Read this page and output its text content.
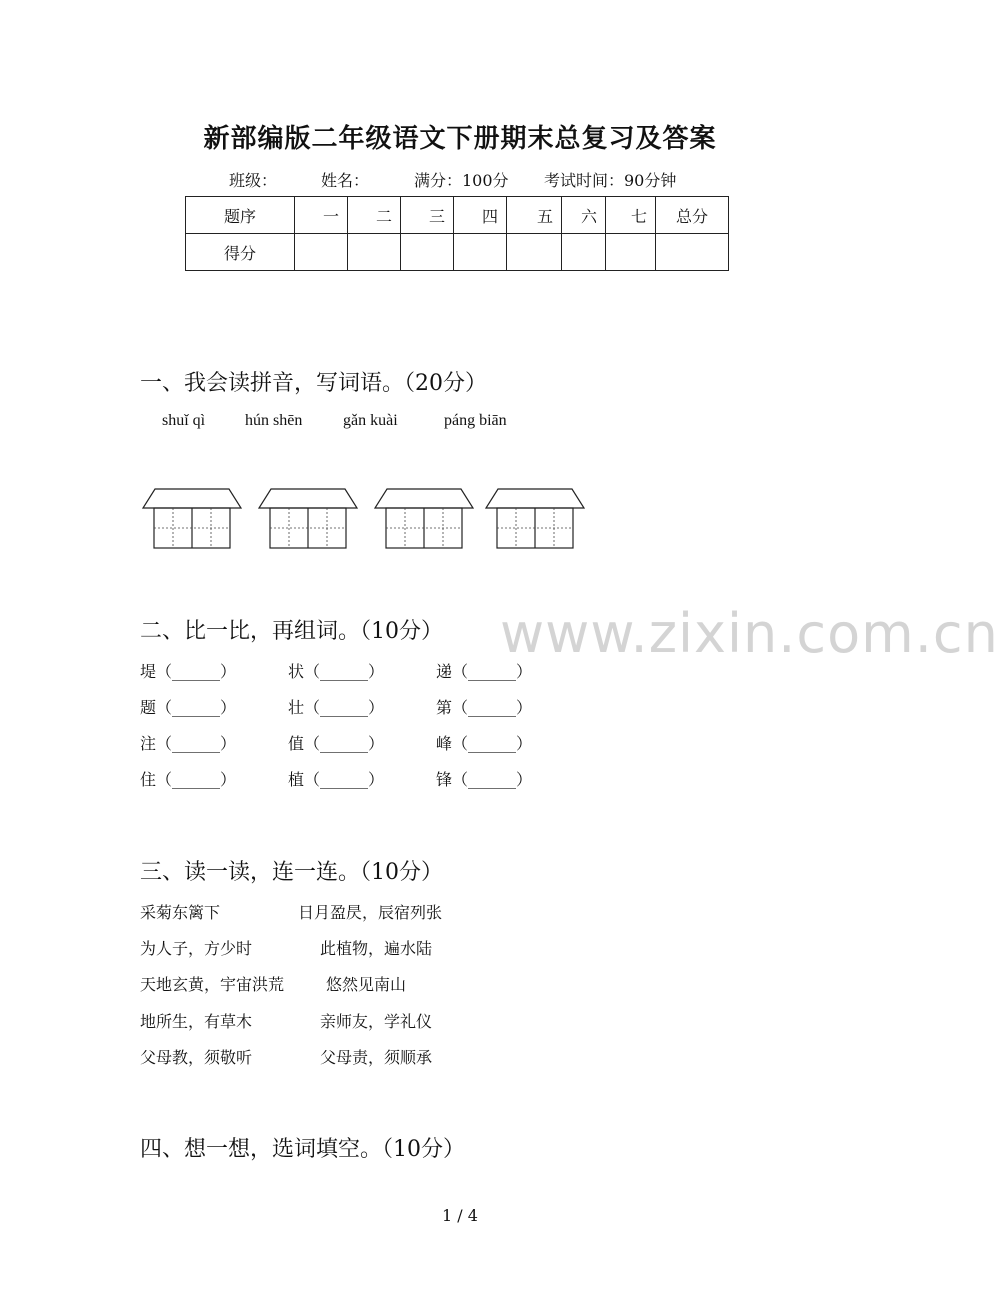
www.zixin.com.cn
新部编版二年级语文下册期末总复习及答案
班级：	姓名：	满分：100分 考试时间：90分钟
题序	一	二	三	四	五	六	七	总分
得分								
一、我会读拼音，写词语。（20分）
shuǐ qì hún shēn	gǎn kuài	páng biān
二、比一比，再组词。（10分）
堤（______）	状（______）	递（______）
题（______）	壮（______）	第（______）
注（______）	值（______）	峰（______）
住（______）	植（______）	锋（______）
三、读一读，连一连。（10分）
采菊东篱下	日月盈昃，辰宿列张
为人子，方少时	此植物，遍水陆
天地玄黄，宇宙洪荒	悠然见南山
地所生，有草木	亲师友，学礼仪
父母教，须敬听	父母责，须顺承
四、想一想，选词填空。（10分）
1 / 4
